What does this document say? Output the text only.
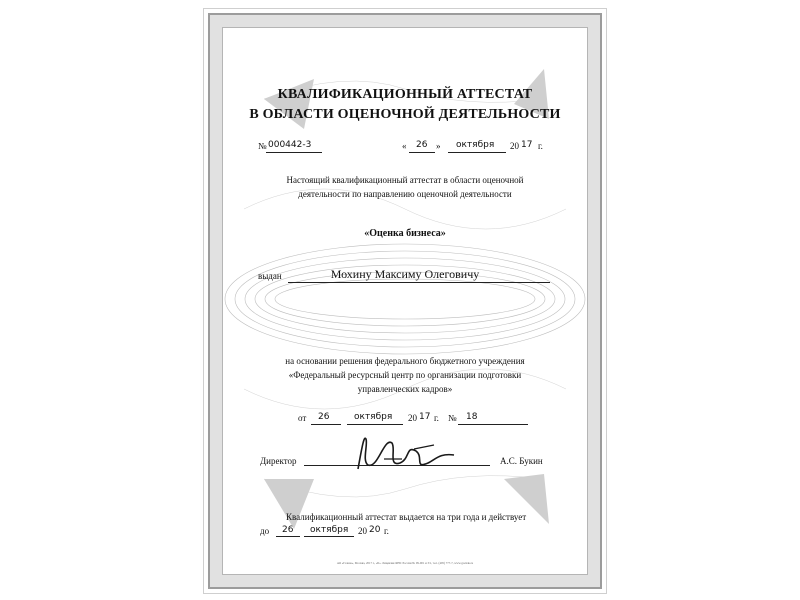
КВАЛИФИКАЦИОННЫЙ АТТЕСТАТ
В ОБЛАСТИ ОЦЕНОЧНОЙ ДЕЯТЕЛЬНОСТИ
№ 000442-3	« 26 » октября 20 17 г.
Настоящий квалификационный аттестат в области оценочной
деятельности по направлению оценочной деятельности
«Оценка бизнеса»
выдан	Мохину Максиму Олеговичу
на основании решения федерального бюджетного учреждения
«Федеральный ресурсный центр по организации подготовки
управленческих кадров»
от 26	октября 20 17 г. № 18
Директор	А.С. Букин
Квалификационный аттестат выдается на три года и действует
до 26 октября 20 20 г.
АО «Гознак», Москва, 2017 г., «Б». Лицензия ФНС России № 09-001 и 3/1, тел. (495) 777-7, www.goznak.ru
